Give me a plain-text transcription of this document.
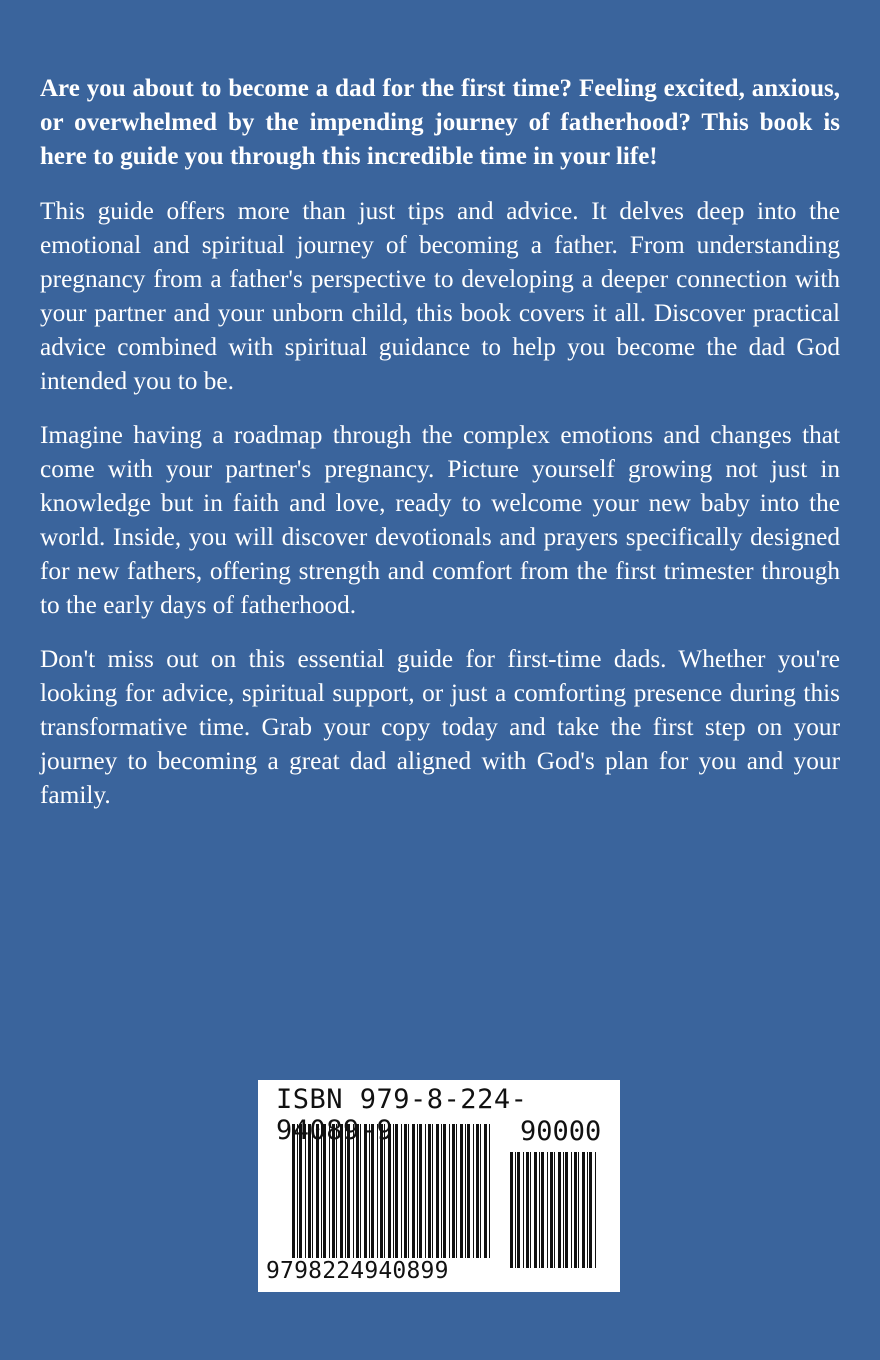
Are you about to become a dad for the first time? Feeling excited, anxious, or overwhelmed by the impending journey of fatherhood? This book is here to guide you through this incredible time in your life!

This guide offers more than just tips and advice. It delves deep into the emotional and spiritual journey of becoming a father. From understanding pregnancy from a father's perspective to developing a deeper connection with your partner and your unborn child, this book covers it all. Discover practical advice combined with spiritual guidance to help you become the dad God intended you to be.

Imagine having a roadmap through the complex emotions and changes that come with your partner's pregnancy. Picture yourself growing not just in knowledge but in faith and love, ready to welcome your new baby into the world. Inside, you will discover devotionals and prayers specifically designed for new fathers, offering strength and comfort from the first trimester through to the early days of fatherhood.

Don't miss out on this essential guide for first-time dads. Whether you're looking for advice, spiritual support, or just a comforting presence during this transformative time. Grab your copy today and take the first step on your journey to becoming a great dad aligned with God's plan for you and your family.

ISBN 979-8-224-94089-9	90000
9798224940899
